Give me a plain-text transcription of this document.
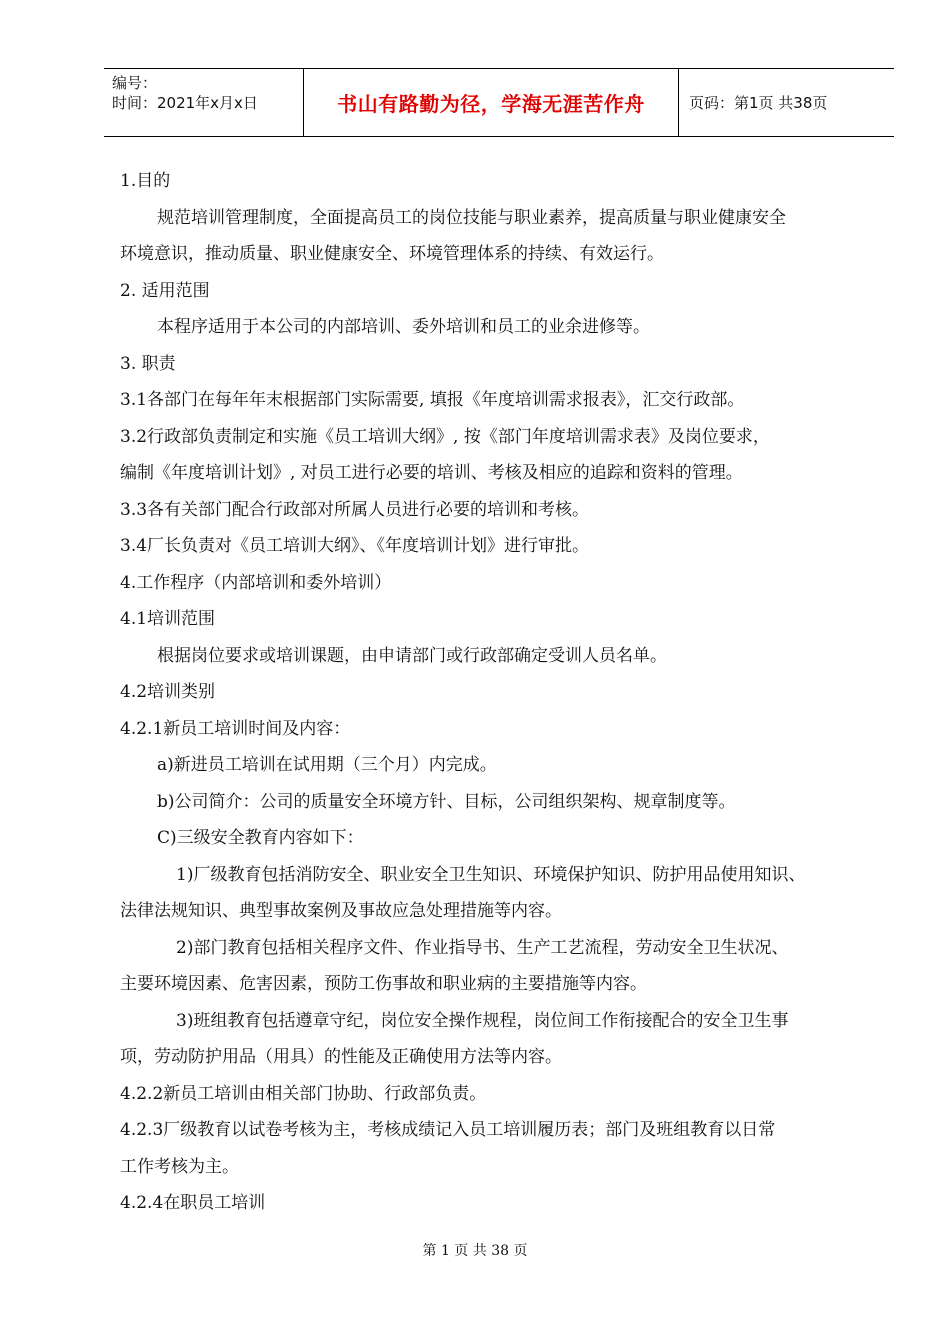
编号：
时间：2021年x月x日	书山有路勤为径，学海无涯苦作舟	页码：第1页 共38页
1.目的
规范培训管理制度，全面提高员工的岗位技能与职业素养，提高质量与职业健康安全
环境意识，推动质量、职业健康安全、环境管理体系的持续、有效运行。
2. 适用范围
本程序适用于本公司的内部培训、委外培训和员工的业余进修等。
3. 职责
3.1各部门在每年年末根据部门实际需要, 填报《年度培训需求报表》，汇交行政部。
3.2行政部负责制定和实施《员工培训大纲》, 按《部门年度培训需求表》及岗位要求，
编制《年度培训计划》, 对员工进行必要的培训、考核及相应的追踪和资料的管理。
3.3各有关部门配合行政部对所属人员进行必要的培训和考核。
3.4厂长负责对《员工培训大纲》、《年度培训计划》进行审批。
4.工作程序（内部培训和委外培训）
4.1培训范围
根据岗位要求或培训课题，由申请部门或行政部确定受训人员名单。
4.2培训类别
4.2.1新员工培训时间及内容：
a)新进员工培训在试用期（三个月）内完成。
b)公司简介：公司的质量安全环境方针、目标，公司组织架构、规章制度等。
C)三级安全教育内容如下：
1)厂级教育包括消防安全、职业安全卫生知识、环境保护知识、防护用品使用知识、
法律法规知识、典型事故案例及事故应急处理措施等内容。
2)部门教育包括相关程序文件、作业指导书、生产工艺流程，劳动安全卫生状况、
主要环境因素、危害因素，预防工伤事故和职业病的主要措施等内容。
3)班组教育包括遵章守纪，岗位安全操作规程，岗位间工作衔接配合的安全卫生事
项，劳动防护用品（用具）的性能及正确使用方法等内容。
4.2.2新员工培训由相关部门协助、行政部负责。
4.2.3厂级教育以试卷考核为主，考核成绩记入员工培训履历表；部门及班组教育以日常
工作考核为主。
4.2.4在职员工培训
第 1 页 共 38 页
